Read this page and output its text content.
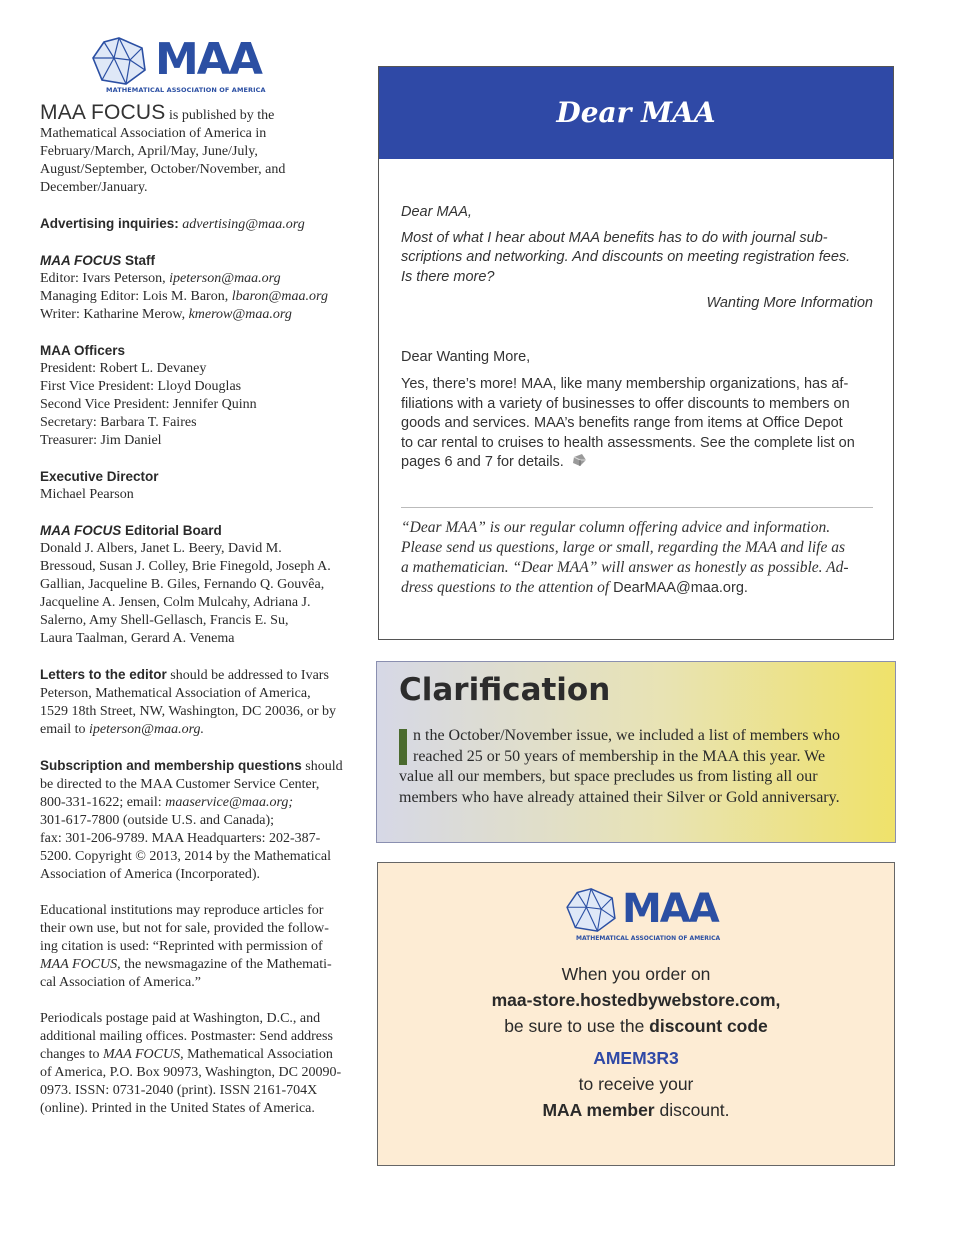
MAA
MATHEMATICAL ASSOCIATION OF AMERICA
MAA FOCUS is published by the
Mathematical Association of America in
February/March, April/May, June/July,
August/September, October/November, and
December/January.
Advertising inquiries: advertising@maa.org
MAA FOCUS Staff
Editor: Ivars Peterson, ipeterson@maa.org
Managing Editor: Lois M. Baron, lbaron@maa.org
Writer: Katharine Merow, kmerow@maa.org
MAA Officers
President: Robert L. Devaney
First Vice President: Lloyd Douglas
Second Vice President: Jennifer Quinn
Secretary: Barbara T. Faires
Treasurer: Jim Daniel
Executive Director
Michael Pearson
MAA FOCUS Editorial Board
Donald J. Albers, Janet L. Beery, David M.
Bressoud, Susan J. Colley, Brie Finegold, Joseph A.
Gallian, Jacqueline B. Giles, Fernando Q. Gouvêa,
Jacqueline A. Jensen, Colm Mulcahy, Adriana J.
Salerno, Amy Shell-Gellasch, Francis E. Su,
Laura Taalman, Gerard A. Venema
Letters to the editor should be addressed to Ivars
Peterson, Mathematical Association of America,
1529 18th Street, NW, Washington, DC 20036, or by
email to ipeterson@maa.org.
Subscription and membership questions should
be directed to the MAA Customer Service Center,
800-331-1622; email: maaservice@maa.org;
301-617-7800 (outside U.S. and Canada);
fax: 301-206-9789. MAA Headquarters: 202-387-
5200. Copyright © 2013, 2014 by the Mathematical
Association of America (Incorporated).
Educational institutions may reproduce articles for
their own use, but not for sale, provided the follow-
ing citation is used: “Reprinted with permission of
MAA FOCUS, the newsmagazine of the Mathemati-
cal Association of America.”
Periodicals postage paid at Washington, D.C., and
additional mailing offices. Postmaster: Send address
changes to MAA FOCUS, Mathematical Association
of America, P.O. Box 90973, Washington, DC 20090-
0973. ISSN: 0731-2040 (print). ISSN 2161-704X
(online). Printed in the United States of America.
Dear MAA
Dear MAA,
Most of what I hear about MAA benefits has to do with journal sub-
scriptions and networking. And discounts on meeting registration fees.
Is there more?
Wanting More Information
Dear Wanting More,
Yes, there’s more! MAA, like many membership organizations, has af-
filiations with a variety of businesses to offer discounts to members on
goods and services. MAA’s benefits range from items at Office Depot
to car rental to cruises to health assessments. See the complete list on
pages 6 and 7 for details.
“Dear MAA” is our regular column offering advice and information.
Please send us questions, large or small, regarding the MAA and life as
a mathematician. “Dear MAA” will answer as honestly as possible. Ad-
dress questions to the attention of DearMAA@maa.org.
Clarification
n the October/November issue, we included a list of members who
reached 25 or 50 years of membership in the MAA this year. We
value all our members, but space precludes us from listing all our
members who have already attained their Silver or Gold anniversary.
MAA
MATHEMATICAL ASSOCIATION OF AMERICA
When you order on
maa-store.hostedbywebstore.com,
be sure to use the discount code
AMEM3R3
to receive your
MAA member discount.
